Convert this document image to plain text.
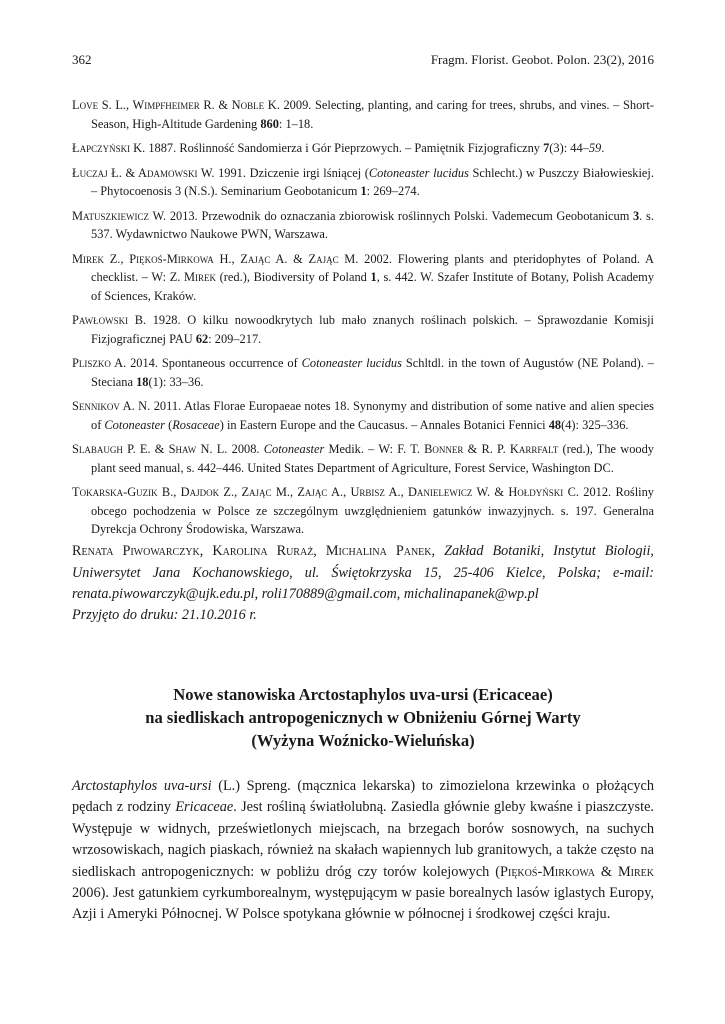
362	Fragm. Florist. Geobot. Polon. 23(2), 2016
Love S. L., Wimpfheimer R. & Noble K. 2009. Selecting, planting, and caring for trees, shrubs, and vines. – Short-Season, High-Altitude Gardening 860: 1–18.
Łapczyński K. 1887. Roślinność Sandomierza i Gór Pieprzowych. – Pamiętnik Fizjograficzny 7(3): 44–59.
Łuczaj Ł. & Adamowski W. 1991. Dziczenie irgi lśniącej (Cotoneaster lucidus Schlecht.) w Puszczy Białowieskiej. – Phytocoenosis 3 (N.S.). Seminarium Geobotanicum 1: 269–274.
Matuszkiewicz W. 2013. Przewodnik do oznaczania zbiorowisk roślinnych Polski. Vademecum Geobotanicum 3. s. 537. Wydawnictwo Naukowe PWN, Warszawa.
Mirek Z., Piękoś-Mirkowa H., Zając A. & Zając M. 2002. Flowering plants and pteridophytes of Poland. A checklist. – W: Z. Mirek (red.), Biodiversity of Poland 1, s. 442. W. Szafer Institute of Botany, Polish Academy of Sciences, Kraków.
Pawłowski B. 1928. O kilku nowoodkrytych lub mało znanych roślinach polskich. – Sprawozdanie Komisji Fizjograficznej PAU 62: 209–217.
Pliszko A. 2014. Spontaneous occurrence of Cotoneaster lucidus Schltdl. in the town of Augustów (NE Poland). – Steciana 18(1): 33–36.
Sennikov A. N. 2011. Atlas Florae Europaeae notes 18. Synonymy and distribution of some native and alien species of Cotoneaster (Rosaceae) in Eastern Europe and the Caucasus. – Annales Botanici Fennici 48(4): 325–336.
Slabaugh P. E. & Shaw N. L. 2008. Cotoneaster Medik. – W: F. T. Bonner & R. P. Karrfalt (red.), The woody plant seed manual, s. 442–446. United States Department of Agriculture, Forest Service, Washington DC.
Tokarska-Guzik B., Dajdok Z., Zając M., Zając A., Urbisz A., Danielewicz W. & Hołdyński C. 2012. Rośliny obcego pochodzenia w Polsce ze szczególnym uwzględnieniem gatunków inwazyjnych. s. 197. Generalna Dyrekcja Ochrony Środowiska, Warszawa.

Renata Piwowarczyk, Karolina Ruraż, Michalina Panek, Zakład Botaniki, Instytut Biologii, Uniwersytet Jana Kochanowskiego, ul. Świętokrzyska 15, 25-406 Kielce, Polska; e-mail: renata.piwowarczyk@ujk.edu.pl, roli170889@gmail.com, michalinapanek@wp.pl

Przyjęto do druku: 21.10.2016 r.
Nowe stanowiska Arctostaphylos uva-ursi (Ericaceae)
na siedliskach antropogenicznych w Obniżeniu Górnej Warty
(Wyżyna Woźnicko-Wieluńska)

Arctostaphylos uva-ursi (L.) Spreng. (mącznica lekarska) to zimozielona krzewinka o płożących pędach z rodziny Ericaceae. Jest rośliną światłolubną. Zasiedla głównie gleby kwaśne i piaszczyste. Występuje w widnych, prześwietlonych miejscach, na brzegach borów sosnowych, na suchych wrzosowiskach, nagich piaskach, również na skałach wapiennych lub granitowych, a także często na siedliskach antropogenicznych: w pobliżu dróg czy torów kolejowych (Piękoś-Mirkowa & Mirek 2006). Jest gatunkiem cyrkumborealnym, występującym w pasie borealnych lasów iglastych Europy, Azji i Ameryki Północnej. W Polsce spotykana głównie w północnej i środkowej części kraju.
